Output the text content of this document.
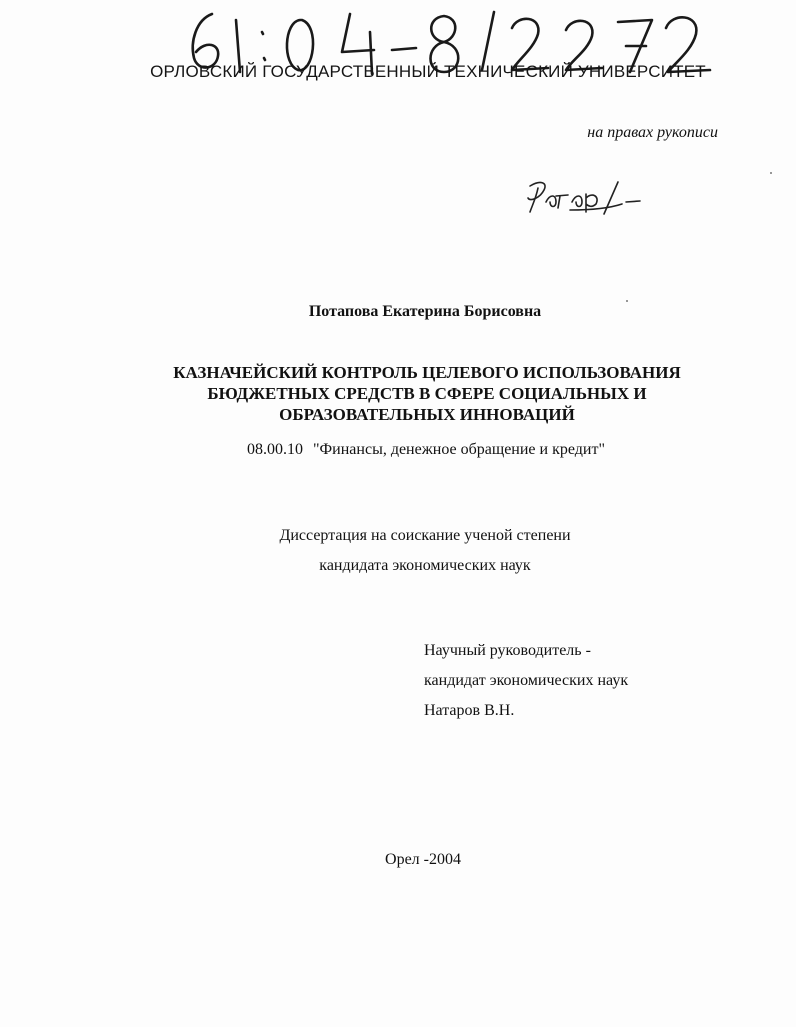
ОРЛОВСКИЙ ГОСУДАРСТВЕННЫЙ ТЕХНИЧЕСКИЙ УНИВЕРСИТЕТ
на правах рукописи
Потапова Екатерина Борисовна
КАЗНАЧЕЙСКИЙ КОНТРОЛЬ ЦЕЛЕВОГО ИСПОЛЬЗОВАНИЯ
БЮДЖЕТНЫХ СРЕДСТВ В СФЕРЕ СОЦИАЛЬНЫХ И
ОБРАЗОВАТЕЛЬНЫХ ИННОВАЦИЙ
08.00.10 "Финансы, денежное обращение и кредит"
Диссертация на соискание ученой степени
кандидата экономических наук
Научный руководитель -
кандидат экономических наук
Натаров В.Н.
Орел -2004
